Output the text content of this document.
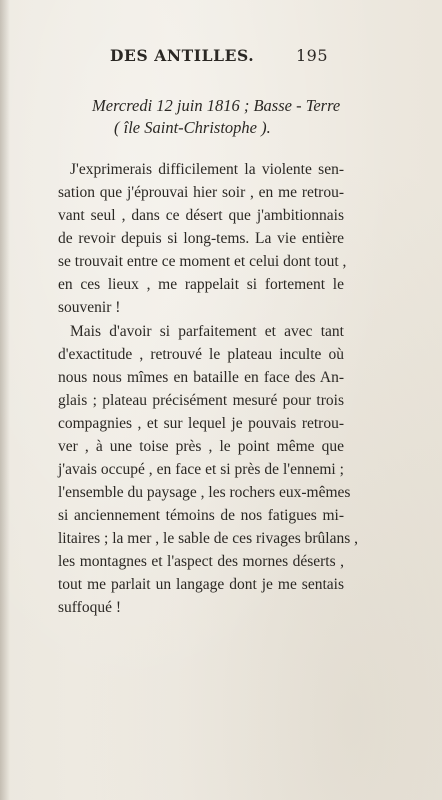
DES ANTILLES.	195
Mercredi 12 juin 1816 ; Basse - Terre
( île Saint-Christophe ).
J'exprimerais difficilement la violente sen-
sation que j'éprouvai hier soir , en me retrou-
vant seul , dans ce désert que j'ambitionnais
de revoir depuis si long-tems. La vie entière
se trouvait entre ce moment et celui dont tout ,
en ces lieux , me rappelait si fortement le
souvenir !
Mais d'avoir si parfaitement et avec tant
d'exactitude , retrouvé le plateau inculte où
nous nous mîmes en bataille en face des An-
glais ; plateau précisément mesuré pour trois
compagnies , et sur lequel je pouvais retrou-
ver , à une toise près , le point même que
j'avais occupé , en face et si près de l'ennemi ;
l'ensemble du paysage , les rochers eux-mêmes
si anciennement témoins de nos fatigues mi-
litaires ; la mer , le sable de ces rivages brûlans ,
les montagnes et l'aspect des mornes déserts ,
tout me parlait un langage dont je me sentais
suffoqué !
